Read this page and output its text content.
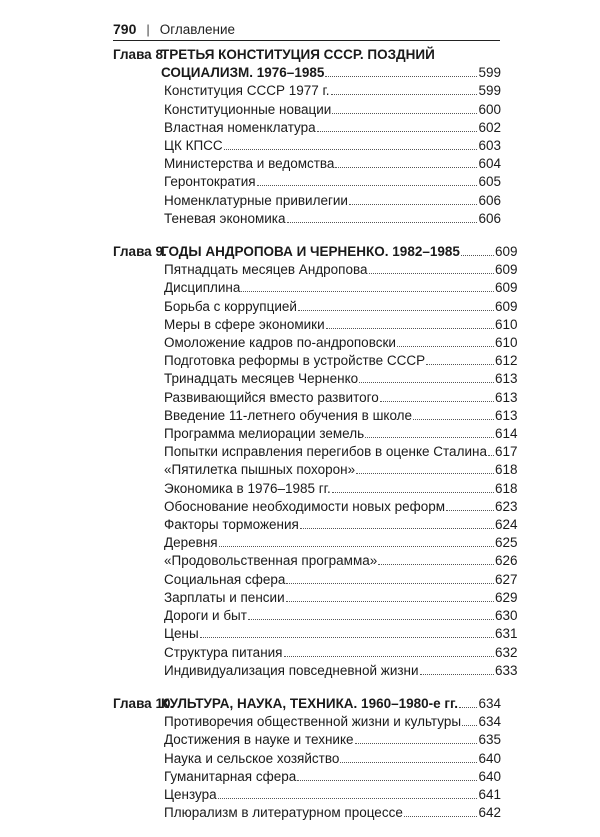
790 | Оглавление
Глава 8.
ТРЕТЬЯ КОНСТИТУЦИЯ СССР. ПОЗДНИЙ
СОЦИАЛИЗМ. 1976–1985	599
Конституция СССР 1977 г.	599
Конституционные новации	600
Властная номенклатура	602
ЦК КПСС	603
Министерства и ведомства	604
Геронтократия	605
Номенклатурные привилегии	606
Теневая экономика	606
Глава 9.
ГОДЫ АНДРОПОВА И ЧЕРНЕНКО. 1982–1985	609
Пятнадцать месяцев Андропова	609
Дисциплина	609
Борьба с коррупцией	609
Меры в сфере экономики	610
Омоложение кадров по-андроповски	610
Подготовка реформы в устройстве СССР	612
Тринадцать месяцев Черненко	613
Развивающийся вместо развитого	613
Введение 11-летнего обучения в школе	613
Программа мелиорации земель	614
Попытки исправления перегибов в оценке Сталина 617
«Пятилетка пышных похорон»	618
Экономика в 1976–1985 гг.	618
Обоснование необходимости новых реформ	623
Факторы торможения	624
Деревня	625
«Продовольственная программа»	626
Социальная сфера	627
Зарплаты и пенсии	629
Дороги и быт	630
Цены	631
Структура питания	632
Индивидуализация повседневной жизни	633
Глава 10.
КУЛЬТУРА, НАУКА, ТЕХНИКА. 1960–1980-е гг. 634
Противоречия общественной жизни и культуры 634
Достижения в науке и технике	635
Наука и сельское хозяйство	640
Гуманитарная сфера	640
Цензура	641
Плюрализм в литературном процессе	642
